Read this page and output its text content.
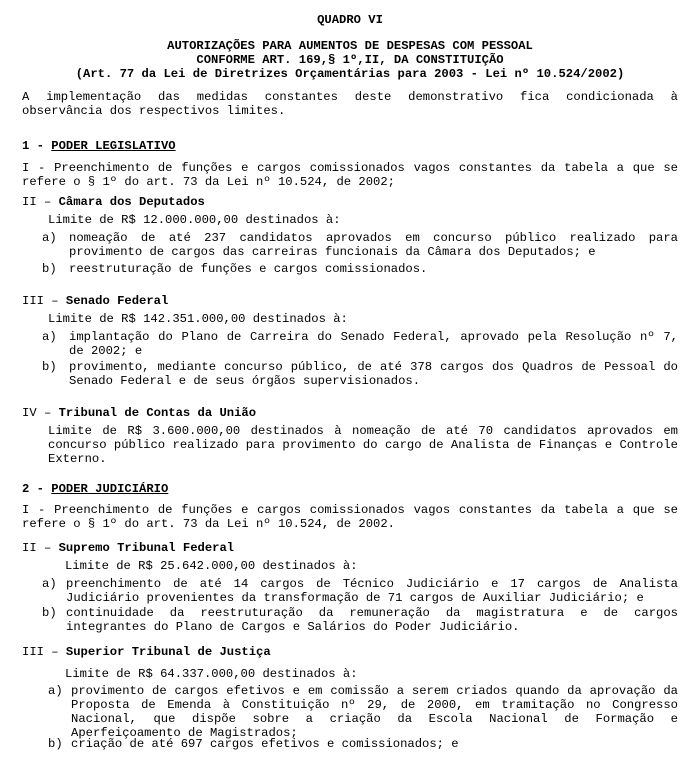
QUADRO VI
AUTORIZAÇÕES PARA AUMENTOS DE DESPESAS COM PESSOAL
CONFORME ART. 169,§ 1º,II, DA CONSTITUIÇÃO
(Art. 77 da Lei de Diretrizes Orçamentárias para 2003 - Lei nº 10.524/2002)
A implementação das medidas constantes deste demonstrativo fica condicionada à observância dos respectivos limites.
1 - PODER LEGISLATIVO
I - Preenchimento de funções e cargos comissionados vagos constantes da tabela a que se refere o § 1º do art. 73 da Lei nº 10.524, de 2002;
II – Câmara dos Deputados
Limite de R$ 12.000.000,00 destinados à:
a) nomeação de até 237 candidatos aprovados em concurso público realizado para provimento de cargos das carreiras funcionais da Câmara dos Deputados; e
b) reestruturação de funções e cargos comissionados.
III – Senado Federal
Limite de R$ 142.351.000,00 destinados à:
a) implantação do Plano de Carreira do Senado Federal, aprovado pela Resolução nº 7, de 2002; e
b) provimento, mediante concurso público, de até 378 cargos dos Quadros de Pessoal do Senado Federal e de seus órgãos supervisionados.
IV – Tribunal de Contas da União
Limite de R$ 3.600.000,00 destinados à nomeação de até 70 candidatos aprovados em concurso público realizado para provimento do cargo de Analista de Finanças e Controle Externo.
2 - PODER JUDICIÁRIO
I - Preenchimento de funções e cargos comissionados vagos constantes da tabela a que se refere o § 1º do art. 73 da Lei nº 10.524, de 2002.
II – Supremo Tribunal Federal
Limite de R$ 25.642.000,00 destinados à:
a) preenchimento de até 14 cargos de Técnico Judiciário e 17 cargos de Analista Judiciário provenientes da transformação de 71 cargos de Auxiliar Judiciário; e
b) continuidade da reestruturação da remuneração da magistratura e de cargos integrantes do Plano de Cargos e Salários do Poder Judiciário.
III – Superior Tribunal de Justiça
Limite de R$ 64.337.000,00 destinados à:
a) provimento de cargos efetivos e em comissão a serem criados quando da aprovação da Proposta de Emenda à Constituição nº 29, de 2000, em tramitação no Congresso Nacional, que dispõe sobre a criação da Escola Nacional de Formação e Aperfeiçoamento de Magistrados;
b) criação de até 697 cargos efetivos e comissionados; e
